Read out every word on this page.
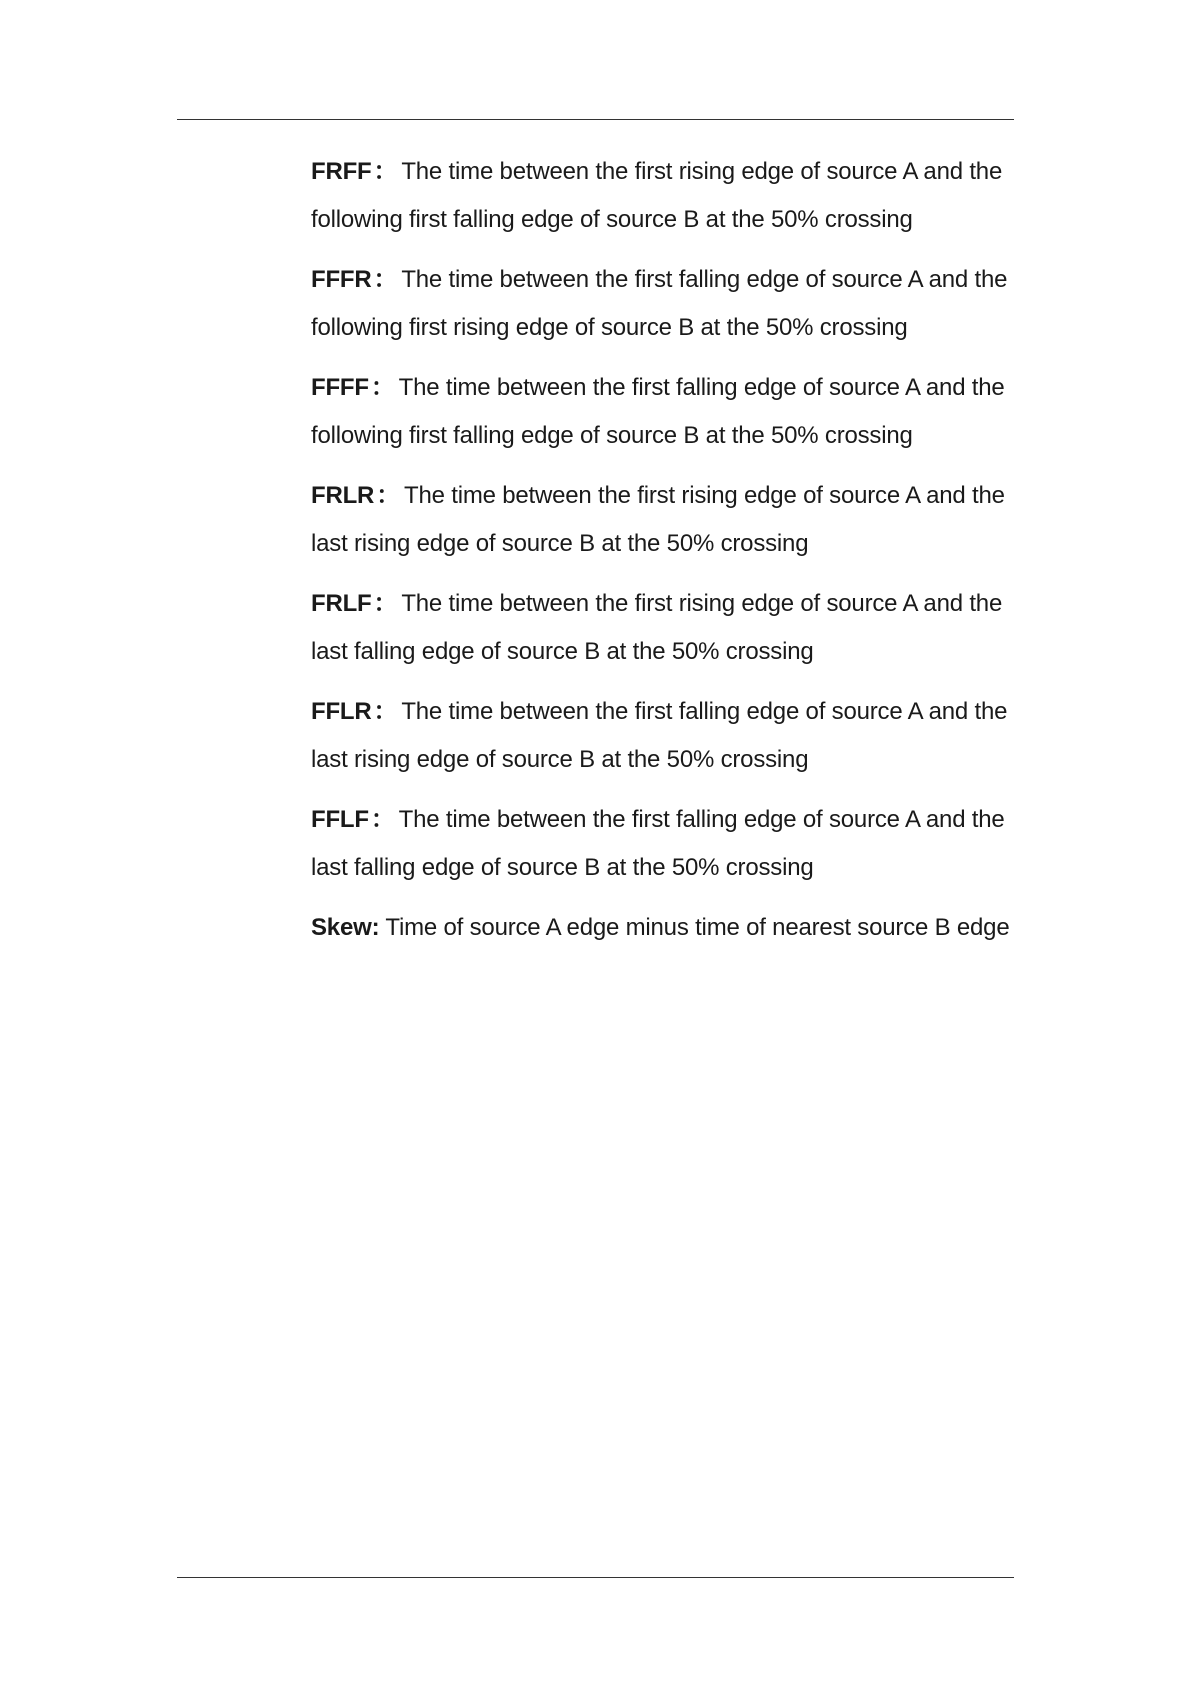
FRFF： The time between the first rising edge of source A and the following first falling edge of source B at the 50% crossing

FFFR： The time between the first falling edge of source A and the following first rising edge of source B at the 50% crossing

FFFF： The time between the first falling edge of source A and the following first falling edge of source B at the 50% crossing

FRLR： The time between the first rising edge of source A and the last rising edge of source B at the 50% crossing

FRLF： The time between the first rising edge of source A and the last falling edge of source B at the 50% crossing

FFLR： The time between the first falling edge of source A and the last rising edge of source B at the 50% crossing

FFLF： The time between the first falling edge of source A and the last falling edge of source B at the 50% crossing

Skew: Time of source A edge minus time of nearest source B edge
